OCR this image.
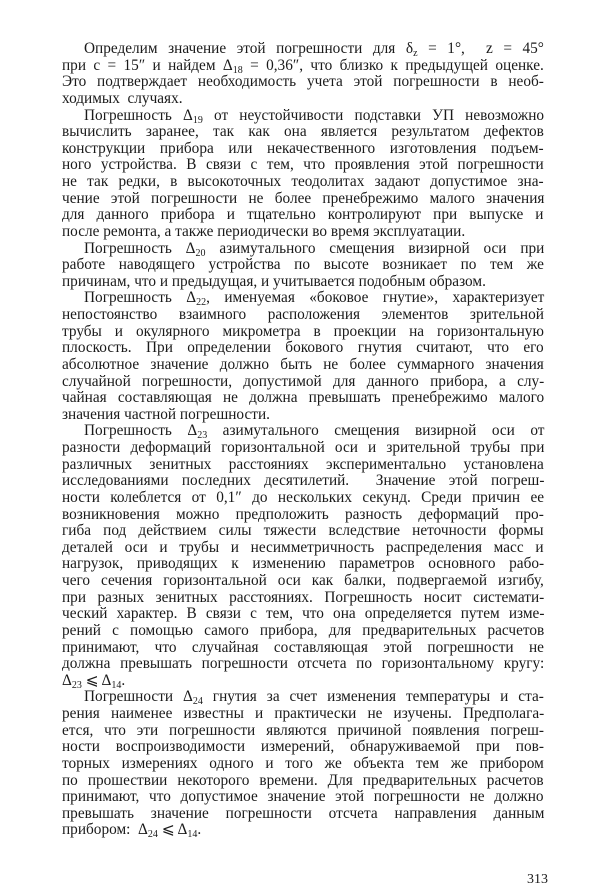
Определим значение этой погрешности для $\delta_z = 1^\circ$,  z = 45°
при c = 15″ и найдем $\Delta_{18} = 0,36''$, что близко к предыдущей оценке.
Это подтверждает необходимость учета этой погрешности в необ-
ходимых  случаях.
Погрешность $\Delta_{19}$ от неустойчивости подставки УП невозможно
вычислить заранее, так как она является результатом дефектов
конструкции прибора или некачественного изготовления подъем-
ного устройства. В связи с тем, что проявления этой погрешности
не так редки, в высокоточных теодолитах задают допустимое зна-
чение этой погрешности не более пренебрежимо малого значения
для данного прибора и тщательно контролируют при выпуске и
после ремонта, а также периодически во время эксплуатации.
Погрешность $\Delta_{20}$ азимутального смещения визирной оси при
работе наводящего устройства по высоте возникает по тем же
причинам, что и предыдущая, и учитывается подобным образом.
Погрешность $\Delta_{22}$, именуемая «боковое гнутие», характеризует
непостоянство взаимного расположения элементов зрительной
трубы и окулярного микрометра в проекции на горизонтальную
плоскость. При определении бокового гнутия считают, что его
абсолютное значение должно быть не более суммарного значения
случайной погрешности, допустимой для данного прибора, а слу-
чайная составляющая не должна превышать пренебрежимо малого
значения частной погрешности.
Погрешность $\Delta_{23}$ азимутального смещения визирной оси от
разности деформаций горизонтальной оси и зрительной трубы при
различных зенитных расстояниях экспериментально установлена
исследованиями последних десятилетий.  Значение этой погреш-
ности колеблется от 0,1″ до нескольких секунд. Среди причин ее
возникновения можно предположить разность деформаций про-
гиба под действием силы тяжести вследствие неточности формы
деталей оси и трубы и несимметричность распределения масс и
нагрузок, приводящих к изменению параметров основного рабо-
чего сечения горизонтальной оси как балки, подвергаемой изгибу,
при разных зенитных расстояниях. Погрешность носит системати-
ческий характер. В связи с тем, что она определяется путем изме-
рений с помощью самого прибора, для предварительных расчетов
принимают, что случайная составляющая этой погрешности не
должна превышать погрешности отсчета по горизонтальному кругу:
$\Delta_{23}$ ⩽ $\Delta_{14}$.
Погрешности $\Delta_{24}$ гнутия за счет изменения температуры и ста-
рения наименее известны и практически не изучены. Предполага-
ется, что эти погрешности являются причиной появления погреш-
ности воспроизводимости измерений, обнаруживаемой при пов-
торных измерениях одного и того же объекта тем же прибором
по прошествии некоторого времени. Для предварительных расчетов
принимают, что допустимое значение этой погрешности не должно
превышать значение погрешности отсчета направления данным
прибором:  $\Delta_{24}$ ⩽ $\Delta_{14}$.
313
